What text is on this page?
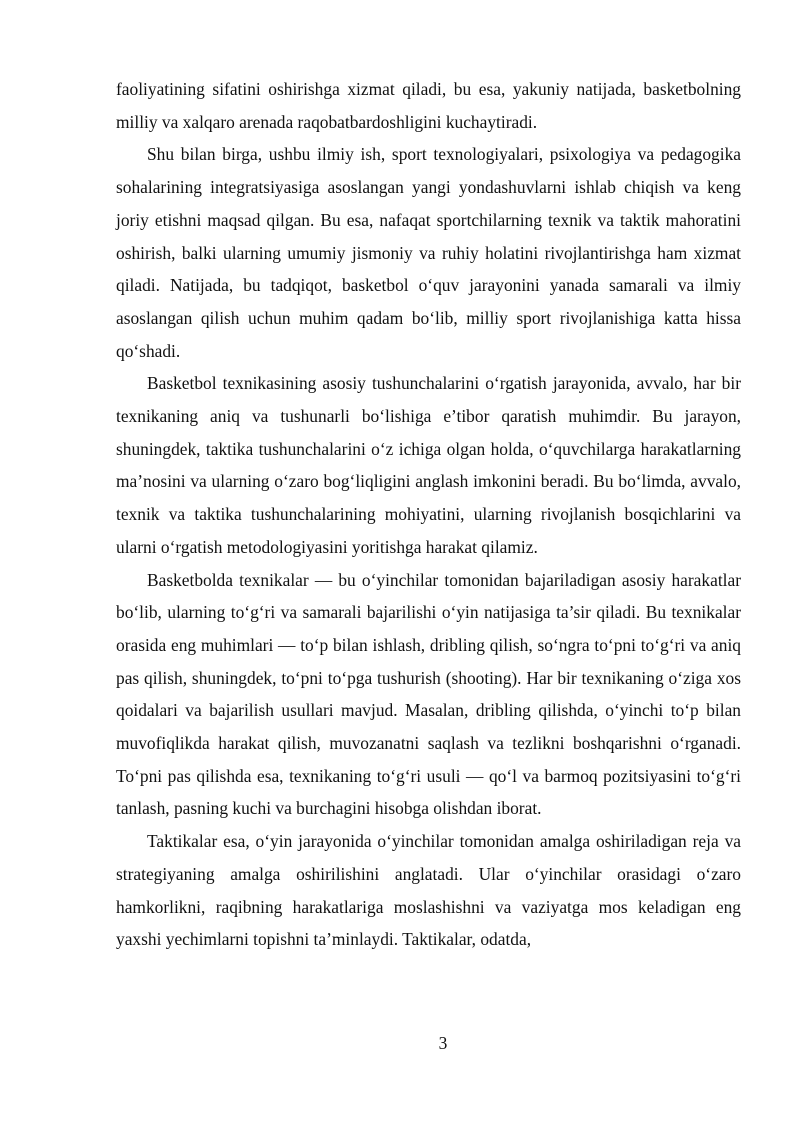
faoliyatining sifatini oshirishga xizmat qiladi, bu esa, yakuniy natijada, basketbolning milliy va xalqaro arenada raqobatbardoshligini kuchaytiradi.

Shu bilan birga, ushbu ilmiy ish, sport texnologiyalari, psixologiya va pedagogika sohalarining integratsiyasiga asoslangan yangi yondashuvlarni ishlab chiqish va keng joriy etishni maqsad qilgan. Bu esa, nafaqat sportchilarning texnik va taktik mahoratini oshirish, balki ularning umumiy jismoniy va ruhiy holatini rivojlantirishga ham xizmat qiladi. Natijada, bu tadqiqot, basketbol o‘quv jarayonini yanada samarali va ilmiy asoslangan qilish uchun muhim qadam bo‘lib, milliy sport rivojlanishiga katta hissa qo‘shadi.

Basketbol texnikasining asosiy tushunchalarini o‘rgatish jarayonida, avvalo, har bir texnikaning aniq va tushunarli bo‘lishiga e’tibor qaratish muhimdir. Bu jarayon, shuningdek, taktika tushunchalarini o‘z ichiga olgan holda, o‘quvchilarga harakatlarning ma’nosini va ularning o‘zaro bog‘liqligini anglash imkonini beradi. Bu bo‘limda, avvalo, texnik va taktika tushunchalarining mohiyatini, ularning rivojlanish bosqichlarini va ularni o‘rgatish metodologiyasini yoritishga harakat qilamiz.

Basketbolda texnikalar — bu o‘yinchilar tomonidan bajariladigan asosiy harakatlar bo‘lib, ularning to‘g‘ri va samarali bajarilishi o‘yin natijasiga ta’sir qiladi. Bu texnikalar orasida eng muhimlari — to‘p bilan ishlash, dribling qilish, so‘ngra to‘pni to‘g‘ri va aniq pas qilish, shuningdek, to‘pni to‘pga tushurish (shooting). Har bir texnikaning o‘ziga xos qoidalari va bajarilish usullari mavjud. Masalan, dribling qilishda, o‘yinchi to‘p bilan muvofiqlikda harakat qilish, muvozanatni saqlash va tezlikni boshqarishni o‘rganadi. To‘pni pas qilishda esa, texnikaning to‘g‘ri usuli — qo‘l va barmoq pozitsiyasini to‘g‘ri tanlash, pasning kuchi va burchagini hisobga olishdan iborat.

Taktikalar esa, o‘yin jarayonida o‘yinchilar tomonidan amalga oshiriladigan reja va strategiyaning amalga oshirilishini anglatadi. Ular o‘yinchilar orasidagi o‘zaro hamkorlikni, raqibning harakatlariga moslashishni va vaziyatga mos keladigan eng yaxshi yechimlarni topishni ta’minlaydi. Taktikalar, odatda,

3
